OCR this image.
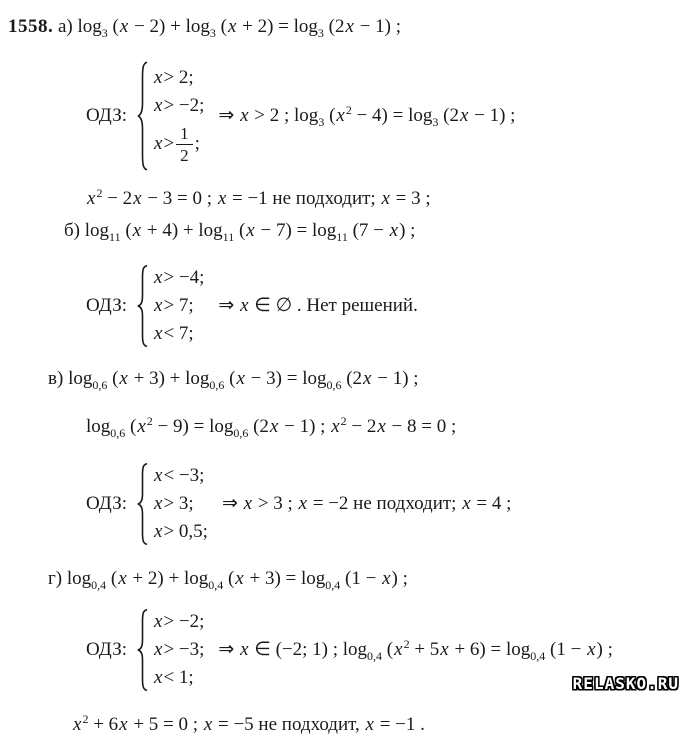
1558. а) $\log_3 (x - 2) + \log_3 (x + 2) = \log_3 (2x - 1)$ ;
ОДЗ:
x > 2;
x > −2;
$x > \frac{1}{2}$ ;
⇒ x > 2 ; $\log_3 (x^2 - 4) = \log_3 (2x - 1)$ ;
$x^2 - 2x - 3 = 0$ ; x = −1 не подходит; x = 3 ;
б) $\log_{11} (x + 4) + \log_{11} (x - 7) = \log_{11} (7 - x)$ ;
ОДЗ:
x > −4;
x > 7;
x < 7;
⇒ x ∈ ∅ . Нет решений.
в) $\log_{0,6} (x + 3) + \log_{0,6} (x - 3) = \log_{0,6} (2x - 1)$ ;
$\log_{0,6} (x^2 - 9) = \log_{0,6} (2x - 1)$ ; $x^2 - 2x - 8 = 0$ ;
ОДЗ:
x < −3;
x > 3;
x > 0,5;
⇒ x > 3 ; x = −2 не подходит; x = 4 ;
г) $\log_{0,4} (x + 2) + \log_{0,4} (x + 3) = \log_{0,4} (1 - x)$ ;
ОДЗ:
x > −2;
x > −3;
x < 1;
⇒ x ∈ (−2; 1) ; $\log_{0,4} (x^2 + 5x + 6) = \log_{0,4} (1 - x)$ ;
$x^2 + 6x + 5 = 0$ ; x = −5 не подходит, x = −1 .
RELASKO.RU
